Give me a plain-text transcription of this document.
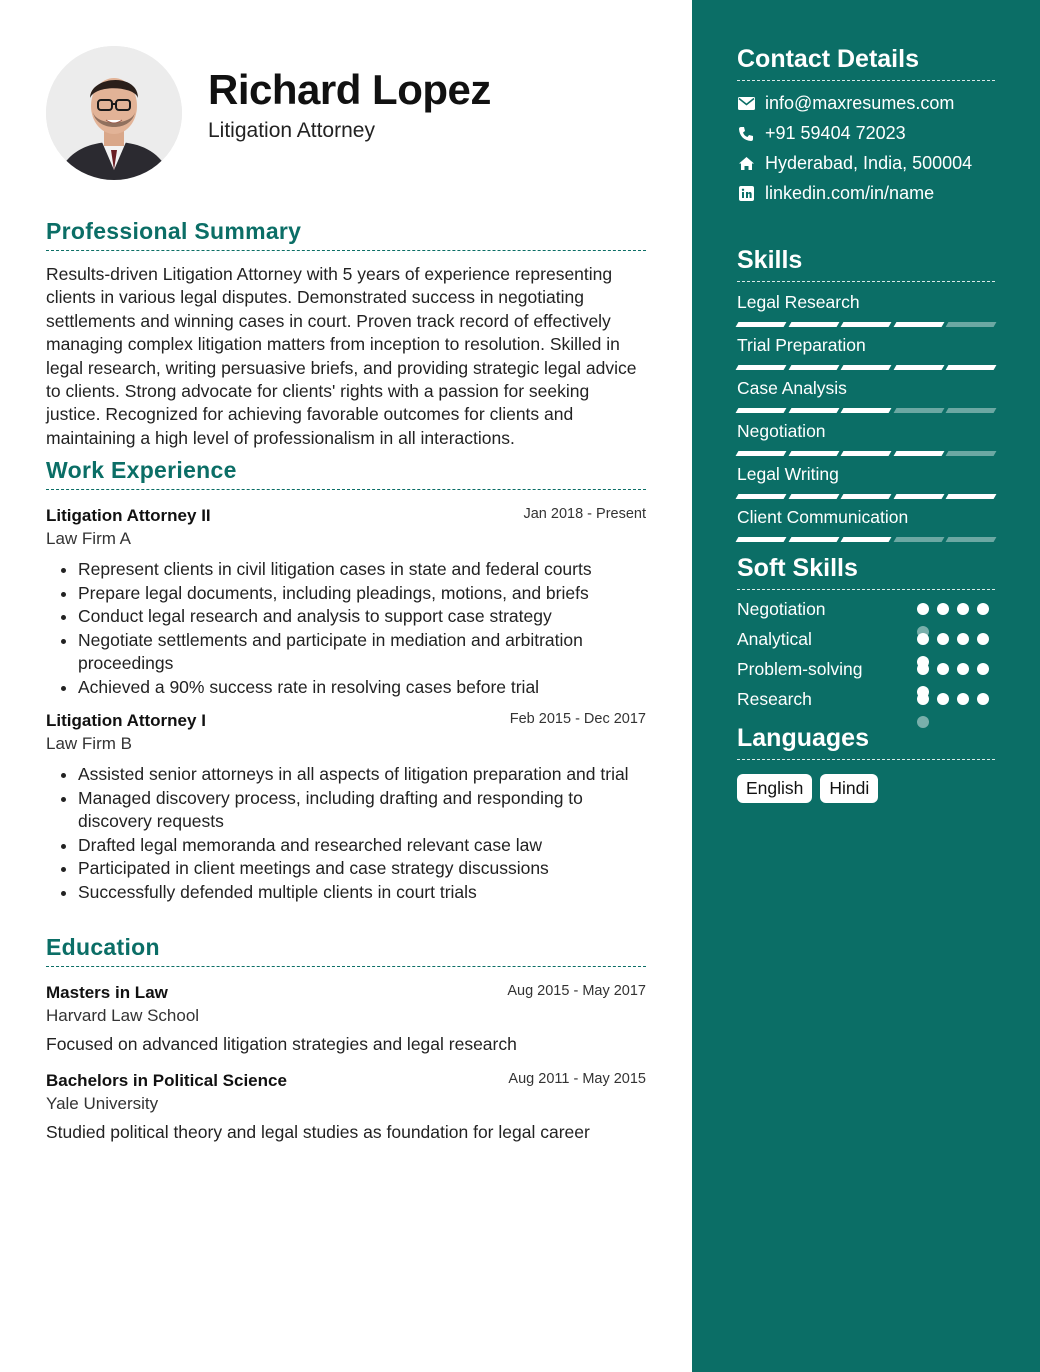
Richard Lopez
Litigation Attorney
Professional Summary
Results-driven Litigation Attorney with 5 years of experience representing clients in various legal disputes. Demonstrated success in negotiating settlements and winning cases in court. Proven track record of effectively managing complex litigation matters from inception to resolution. Skilled in legal research, writing persuasive briefs, and providing strategic legal advice to clients. Strong advocate for clients' rights with a passion for seeking justice. Recognized for achieving favorable outcomes for clients and maintaining a high level of professionalism in all interactions.
Work Experience
Litigation Attorney II	Jan 2018 - Present
Law Firm A
• Represent clients in civil litigation cases in state and federal courts
• Prepare legal documents, including pleadings, motions, and briefs
• Conduct legal research and analysis to support case strategy
• Negotiate settlements and participate in mediation and arbitration proceedings
• Achieved a 90% success rate in resolving cases before trial
Litigation Attorney I	Feb 2015 - Dec 2017
Law Firm B
• Assisted senior attorneys in all aspects of litigation preparation and trial
• Managed discovery process, including drafting and responding to discovery requests
• Drafted legal memoranda and researched relevant case law
• Participated in client meetings and case strategy discussions
• Successfully defended multiple clients in court trials
Education
Masters in Law	Aug 2015 - May 2017
Harvard Law School
Focused on advanced litigation strategies and legal research
Bachelors in Political Science	Aug 2011 - May 2015
Yale University
Studied political theory and legal studies as foundation for legal career
Contact Details
info@maxresumes.com
+91 59404 72023
Hyderabad, India, 500004
linkedin.com/in/name
Skills
Legal Research
Trial Preparation
Case Analysis
Negotiation
Legal Writing
Client Communication
Soft Skills
Negotiation
Analytical
Problem-solving
Research
Languages
English	Hindi
